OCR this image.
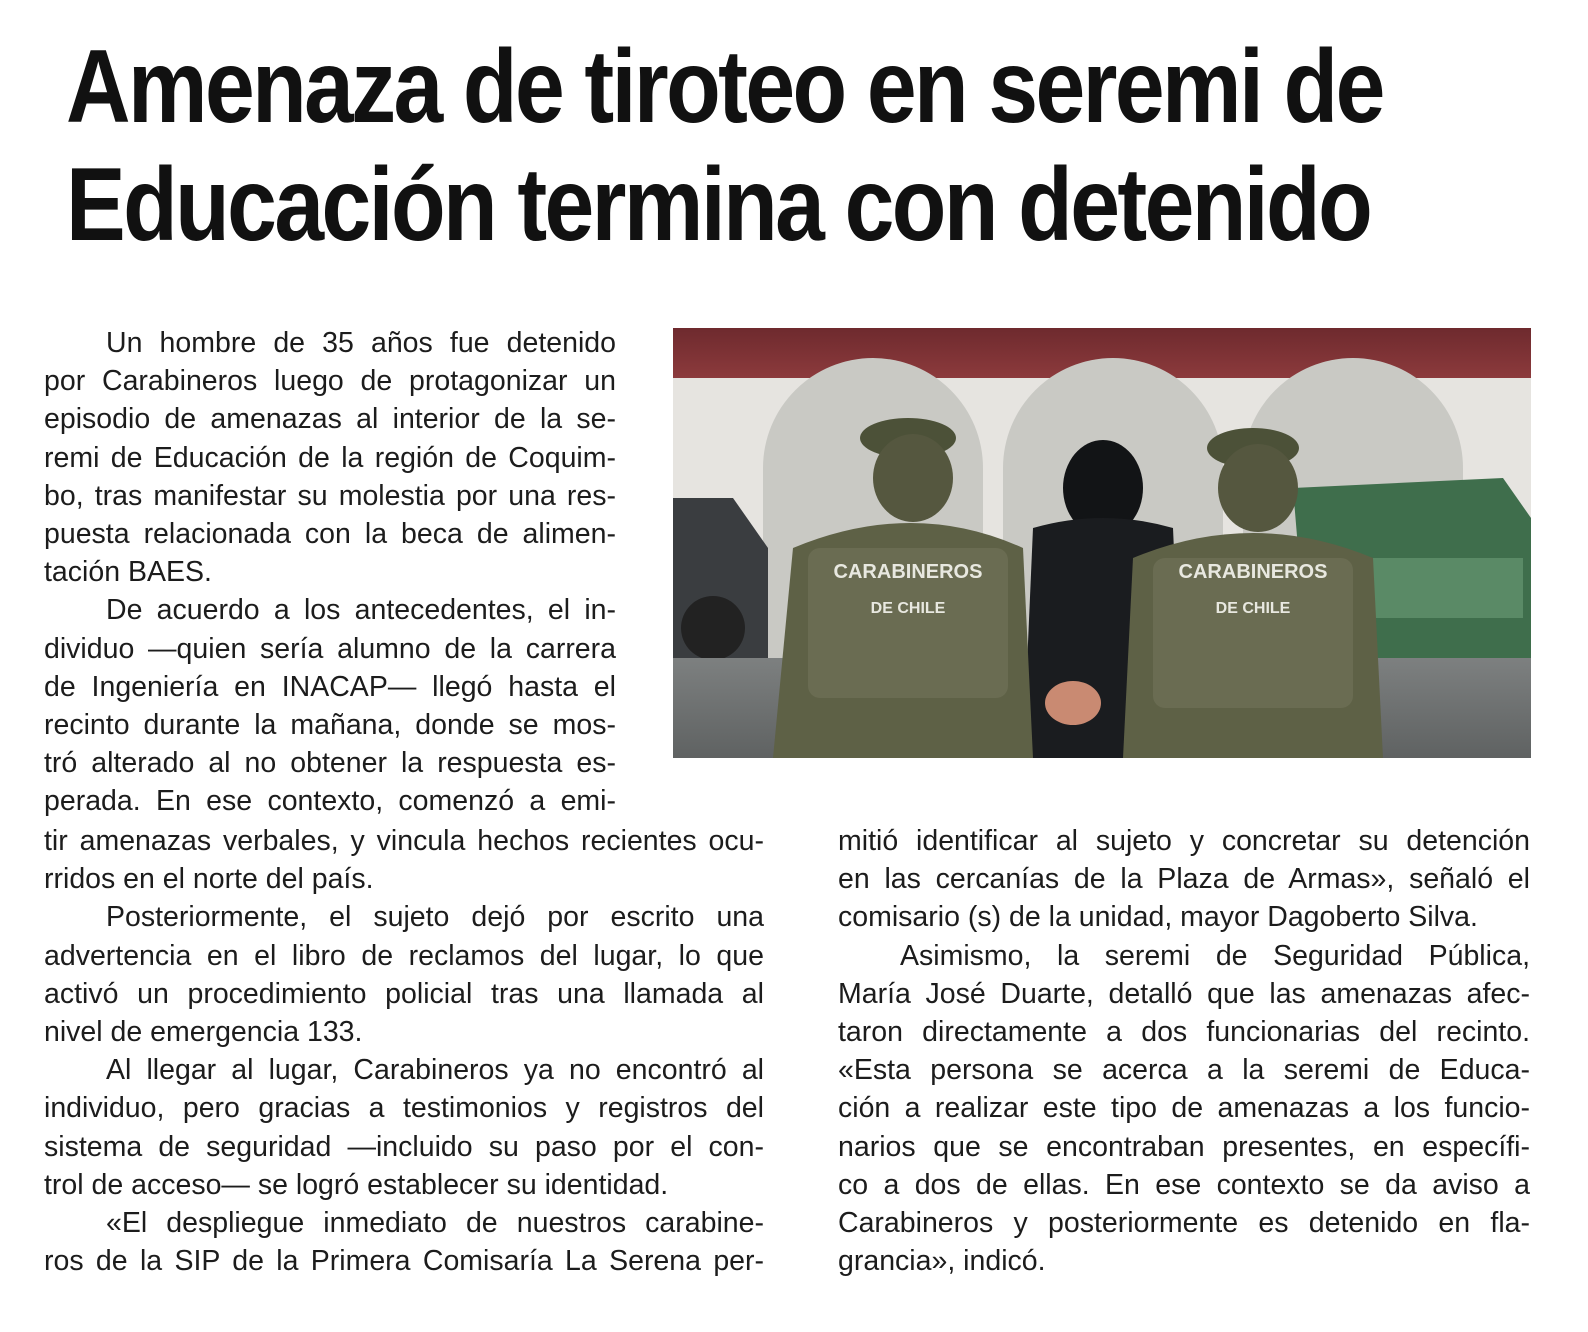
Amenaza de tiroteo en seremi de
Educación termina con detenido
Un hombre de 35 años fue detenido
por Carabineros luego de protagonizar un
episodio de amenazas al interior de la se-
remi de Educación de la región de Coquim-
bo, tras manifestar su molestia por una res-
puesta relacionada con la beca de alimen-
tación BAES.
De acuerdo a los antecedentes, el in-
dividuo —quien sería alumno de la carrera
de Ingeniería en INACAP— llegó hasta el
recinto durante la mañana, donde se mos-
tró alterado al no obtener la respuesta es-
perada. En ese contexto, comenzó a emi-
CARABINEROS
DE CHILE
CARABINEROS
DE CHILE
tir amenazas verbales, y vincula hechos recientes ocu-
rridos en el norte del país.
Posteriormente, el sujeto dejó por escrito una
advertencia en el libro de reclamos del lugar, lo que
activó un procedimiento policial tras una llamada al
nivel de emergencia 133.
Al llegar al lugar, Carabineros ya no encontró al
individuo, pero gracias a testimonios y registros del
sistema de seguridad —incluido su paso por el con-
trol de acceso— se logró establecer su identidad.
«El despliegue inmediato de nuestros carabine-
ros de la SIP de la Primera Comisaría La Serena per-
mitió identificar al sujeto y concretar su detención
en las cercanías de la Plaza de Armas», señaló el
comisario (s) de la unidad, mayor Dagoberto Silva.
Asimismo, la seremi de Seguridad Pública,
María José Duarte, detalló que las amenazas afec-
taron directamente a dos funcionarias del recinto.
«Esta persona se acerca a la seremi de Educa-
ción a realizar este tipo de amenazas a los funcio-
narios que se encontraban presentes, en específi-
co a dos de ellas. En ese contexto se da aviso a
Carabineros y posteriormente es detenido en fla-
grancia», indicó.
